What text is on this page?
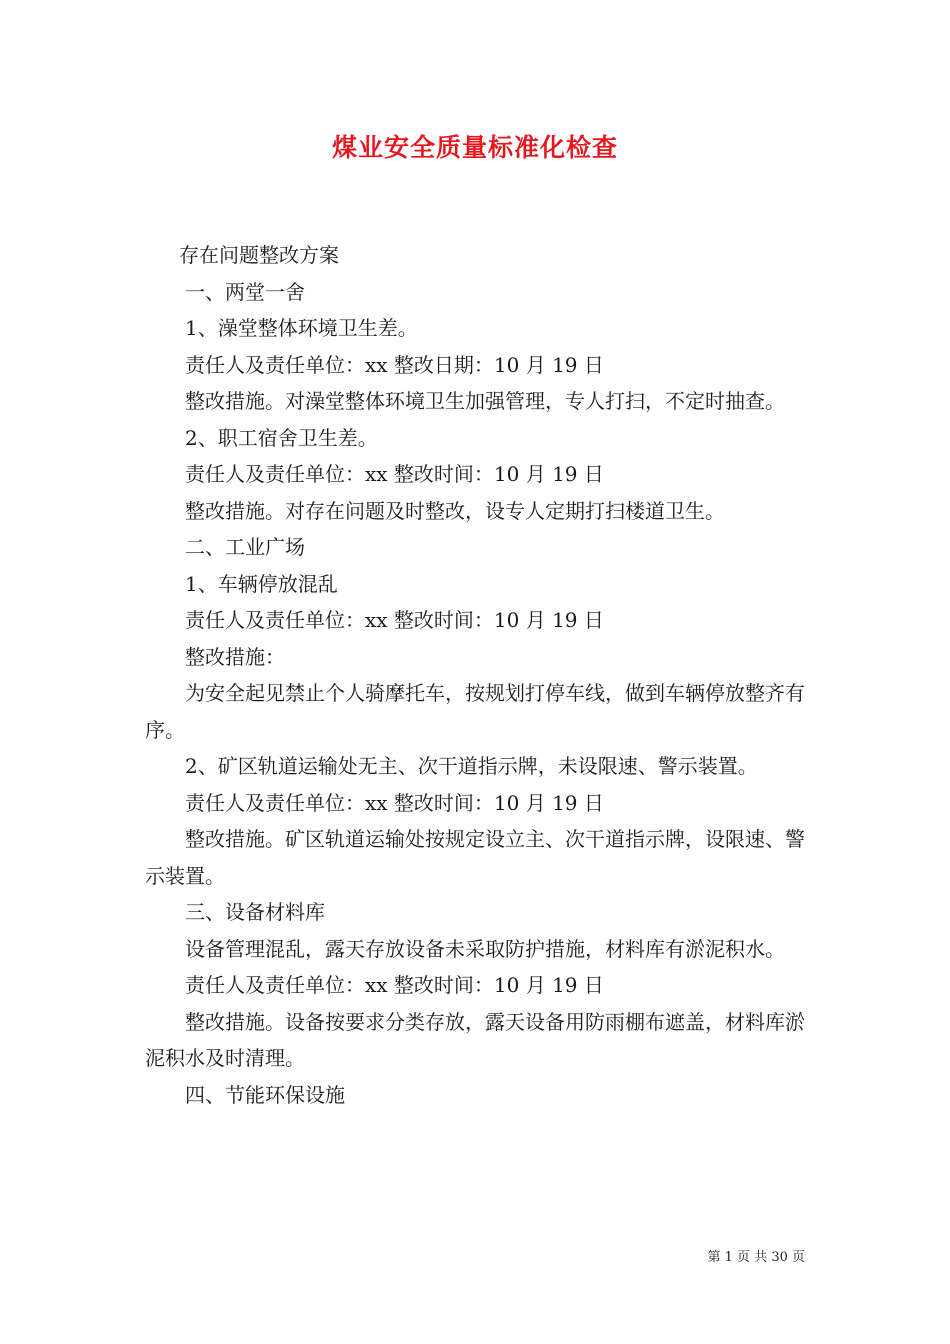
煤业安全质量标准化检查

存在问题整改方案

一、两堂一舍

1、澡堂整体环境卫生差。

责任人及责任单位：xx 整改日期：10 月 19 日

整改措施。对澡堂整体环境卫生加强管理，专人打扫，不定时抽查。

2、职工宿舍卫生差。

责任人及责任单位：xx 整改时间：10 月 19 日

整改措施。对存在问题及时整改，设专人定期打扫楼道卫生。

二、工业广场

1、车辆停放混乱

责任人及责任单位：xx 整改时间：10 月 19 日

整改措施：

为安全起见禁止个人骑摩托车，按规划打停车线，做到车辆停放整齐有序。

2、矿区轨道运输处无主、次干道指示牌，未设限速、警示装置。

责任人及责任单位：xx 整改时间：10 月 19 日

整改措施。矿区轨道运输处按规定设立主、次干道指示牌，设限速、警示装置。

三、设备材料库

设备管理混乱，露天存放设备未采取防护措施，材料库有淤泥积水。

责任人及责任单位：xx 整改时间：10 月 19 日

整改措施。设备按要求分类存放，露天设备用防雨棚布遮盖，材料库淤泥积水及时清理。

四、节能环保设施

第 1 页 共 30 页
